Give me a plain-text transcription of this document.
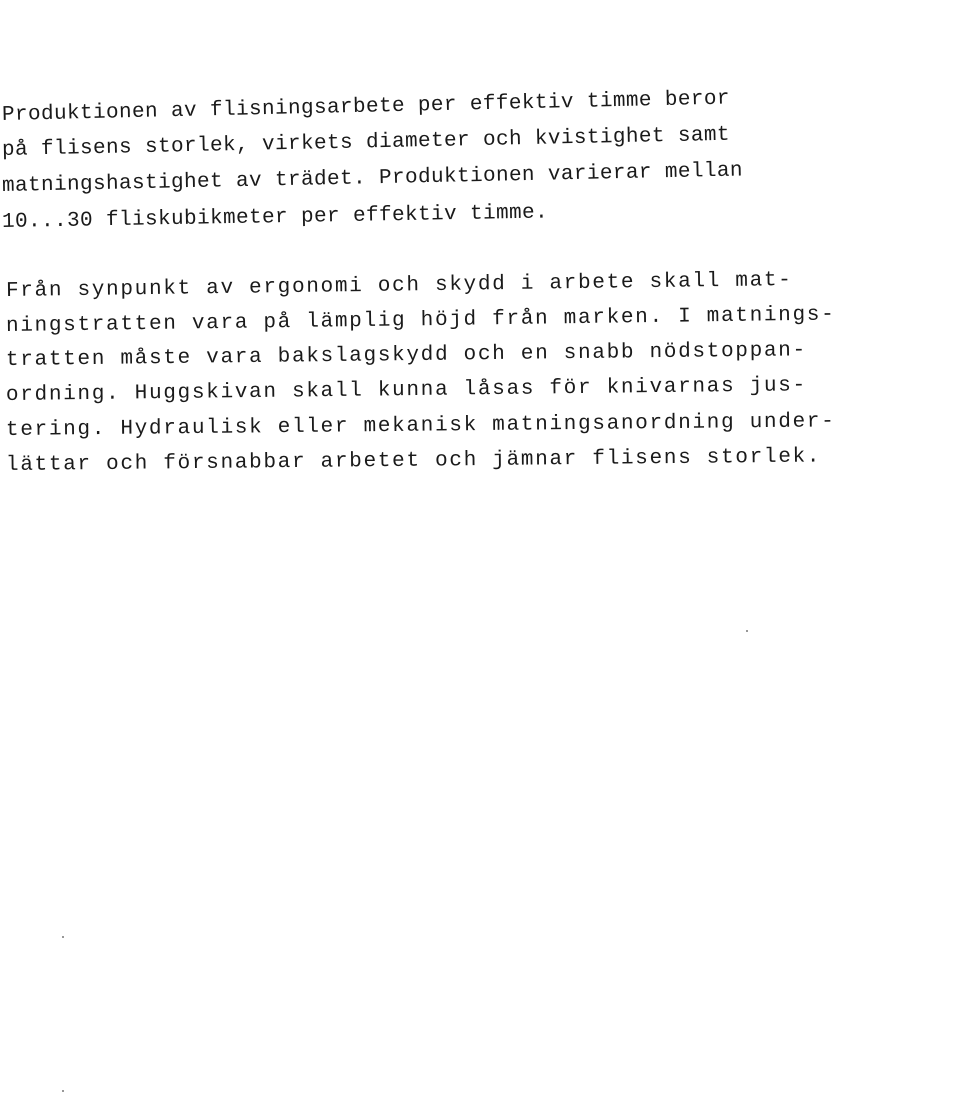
Produktionen av flisningsarbete per effektiv timme beror
på flisens storlek, virkets diameter och kvistighet samt
matningshastighet av trädet. Produktionen varierar mellan
10...30 fliskubikmeter per effektiv timme.
Från synpunkt av ergonomi och skydd i arbete skall mat-
ningstratten vara på lämplig höjd från marken. I matnings-
tratten måste vara bakslagskydd och en snabb nödstoppan-
ordning. Huggskivan skall kunna låsas för knivarnas jus-
tering. Hydraulisk eller mekanisk matningsanordning under-
lättar och försnabbar arbetet och jämnar flisens storlek.
